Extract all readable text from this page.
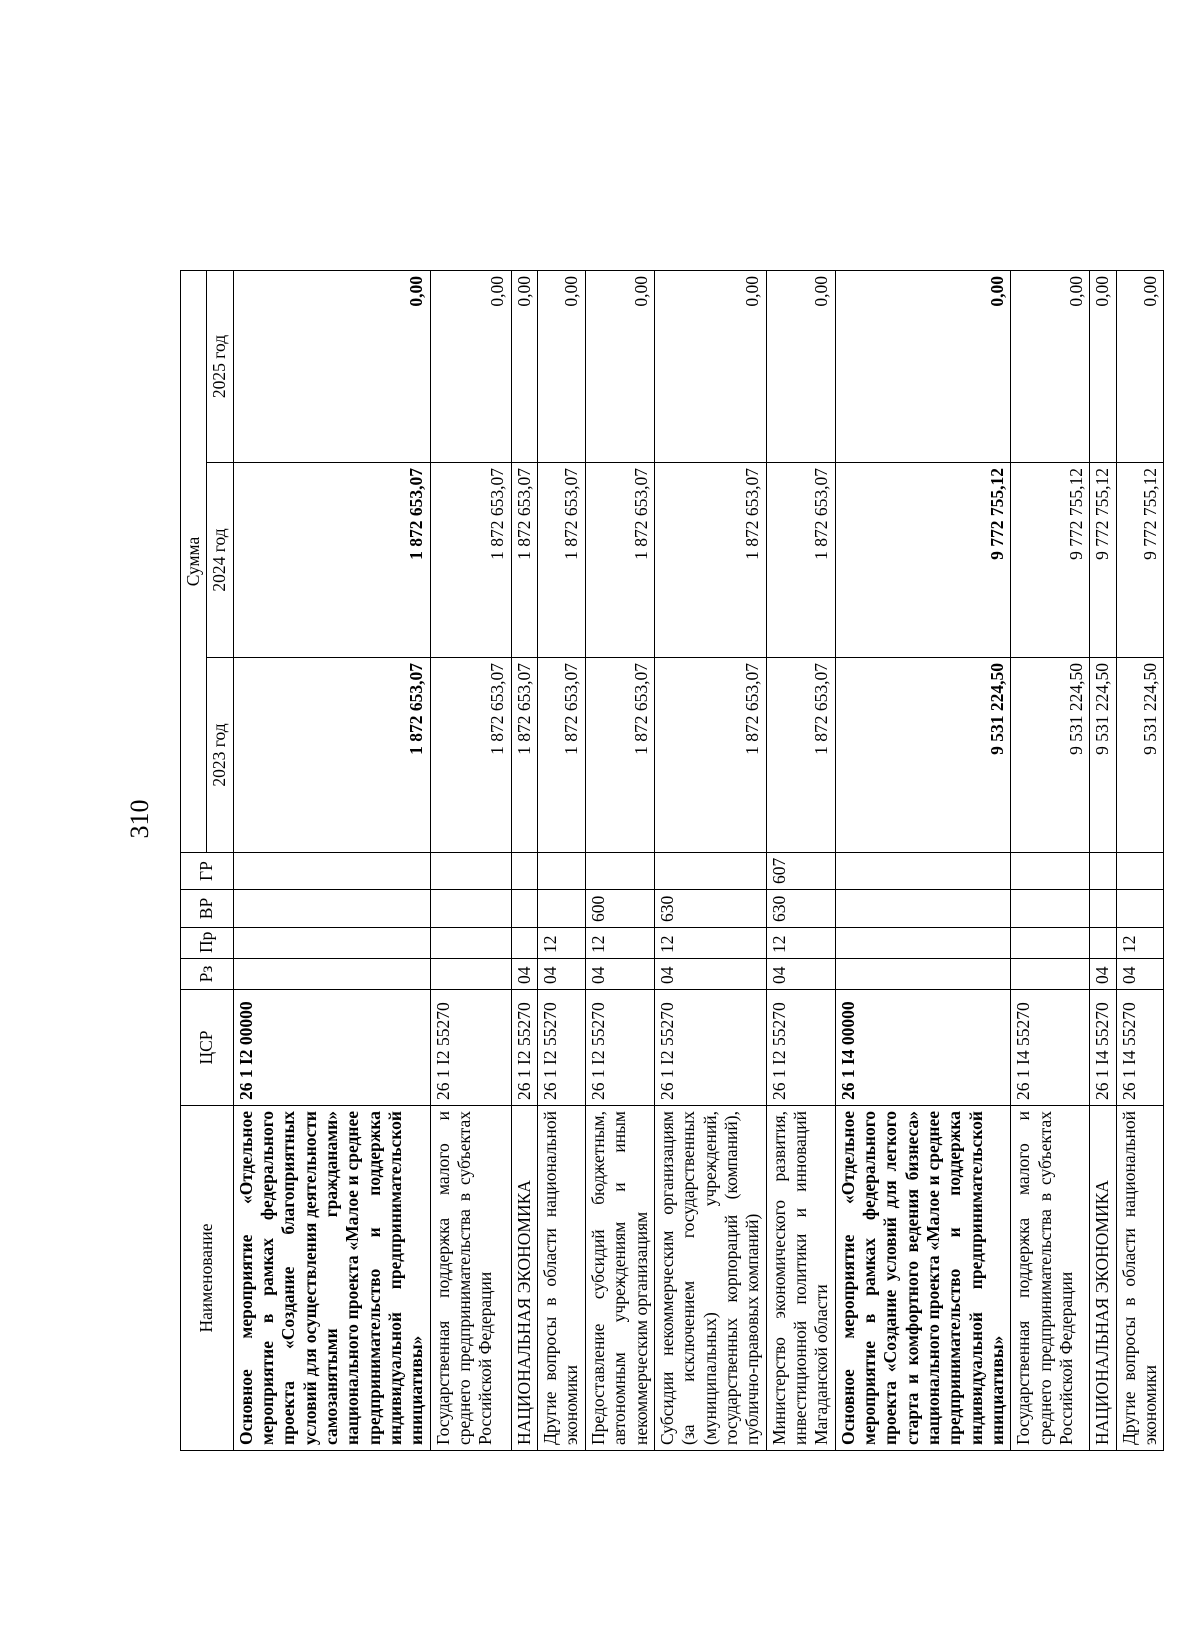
310
Наименование	ЦСР	Рз	Пр	ВР	ГР	Сумма		
						2023 год	2024 год	2025 год
Основное мероприятие «Отдельное мероприятие в рамках федерального проекта «Создание благоприятных условий для осуществления деятельности самозанятыми гражданами» национального проекта «Малое и среднее предпринимательство и поддержка индивидуальной предпринимательской инициативы»	26 1 I2 00000					1 872 653,07	1 872 653,07	0,00
Государственная поддержка малого и среднего предпринимательства в субъектах Российской Федерации	26 1 I2 55270					1 872 653,07	1 872 653,07	0,00
НАЦИОНАЛЬНАЯ ЭКОНОМИКА	26 1 I2 55270	04				1 872 653,07	1 872 653,07	0,00
Другие вопросы в области национальной экономики	26 1 I2 55270	04	12			1 872 653,07	1 872 653,07	0,00
Предоставление субсидий бюджетным, автономным учреждениям и иным некоммерческим организациям	26 1 I2 55270	04	12	600		1 872 653,07	1 872 653,07	0,00
Субсидии некоммерческим организациям (за исключением государственных (муниципальных) учреждений, государственных корпораций (компаний), публично-правовых компаний)	26 1 I2 55270	04	12	630		1 872 653,07	1 872 653,07	0,00
Министерство экономического развития, инвестиционной политики и инноваций Магаданской области	26 1 I2 55270	04	12	630	607	1 872 653,07	1 872 653,07	0,00
Основное мероприятие «Отдельное мероприятие в рамках федерального проекта «Создание условий для легкого старта и комфортного ведения бизнеса» национального проекта «Малое и среднее предпринимательство и поддержка индивидуальной предпринимательской инициативы»	26 1 I4 00000					9 531 224,50	9 772 755,12	0,00
Государственная поддержка малого и среднего предпринимательства в субъектах Российской Федерации	26 1 I4 55270					9 531 224,50	9 772 755,12	0,00
НАЦИОНАЛЬНАЯ ЭКОНОМИКА	26 1 I4 55270	04				9 531 224,50	9 772 755,12	0,00
Другие вопросы в области национальной экономики	26 1 I4 55270	04	12			9 531 224,50	9 772 755,12	0,00
